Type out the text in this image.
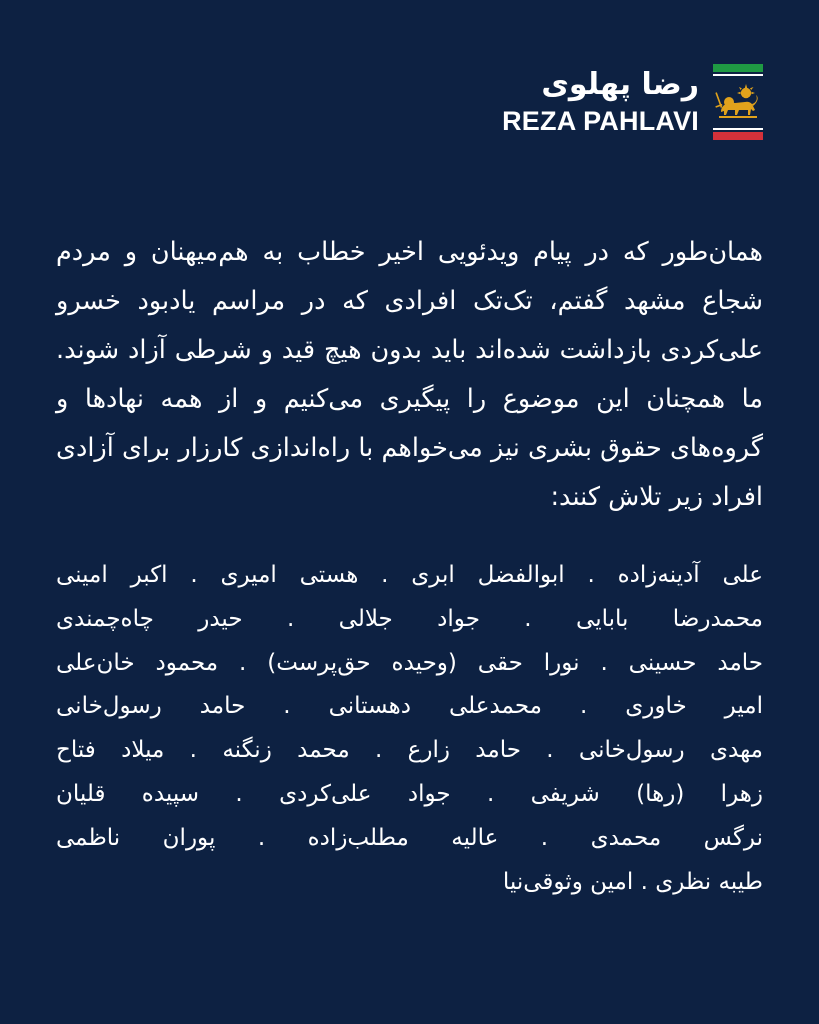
رضا پهلوی
REZA PAHLAVI

همان‌طور که در پیام ویدئویی اخیر خطاب به هم‌میهنان و مردم شجاع مشهد گفتم، تک‌تک افرادی که در مراسم یادبود خسرو علی‌کردی بازداشت شده‌اند باید بدون هیچ قید و شرطی آزاد شوند. ما همچنان این موضوع را پیگیری می‌کنیم و از همه نهادها و گروه‌های حقوق بشری نیز می‌خواهم با راه‌اندازی کارزار برای آزادی افراد زیر تلاش کنند:

علی آدینه‌زاده . ابوالفضل ابری . هستی امیری . اکبر امینی
محمدرضا بابایی . جواد جلالی . حیدر چاه‌چمندی
حامد حسینی . نورا حقی (وحیده حق‌پرست) . محمود خان‌علی
امیر خاوری . محمدعلی دهستانی . حامد رسول‌خانی
مهدی رسول‌خانی . حامد زارع . محمد زنگنه . میلاد فتاح
زهرا (رها) شریفی . جواد علی‌کردی . سپیده قلیان
نرگس محمدی . عالیه مطلب‌زاده . پوران ناظمی
طیبه نظری . امین وثوقی‌نیا
